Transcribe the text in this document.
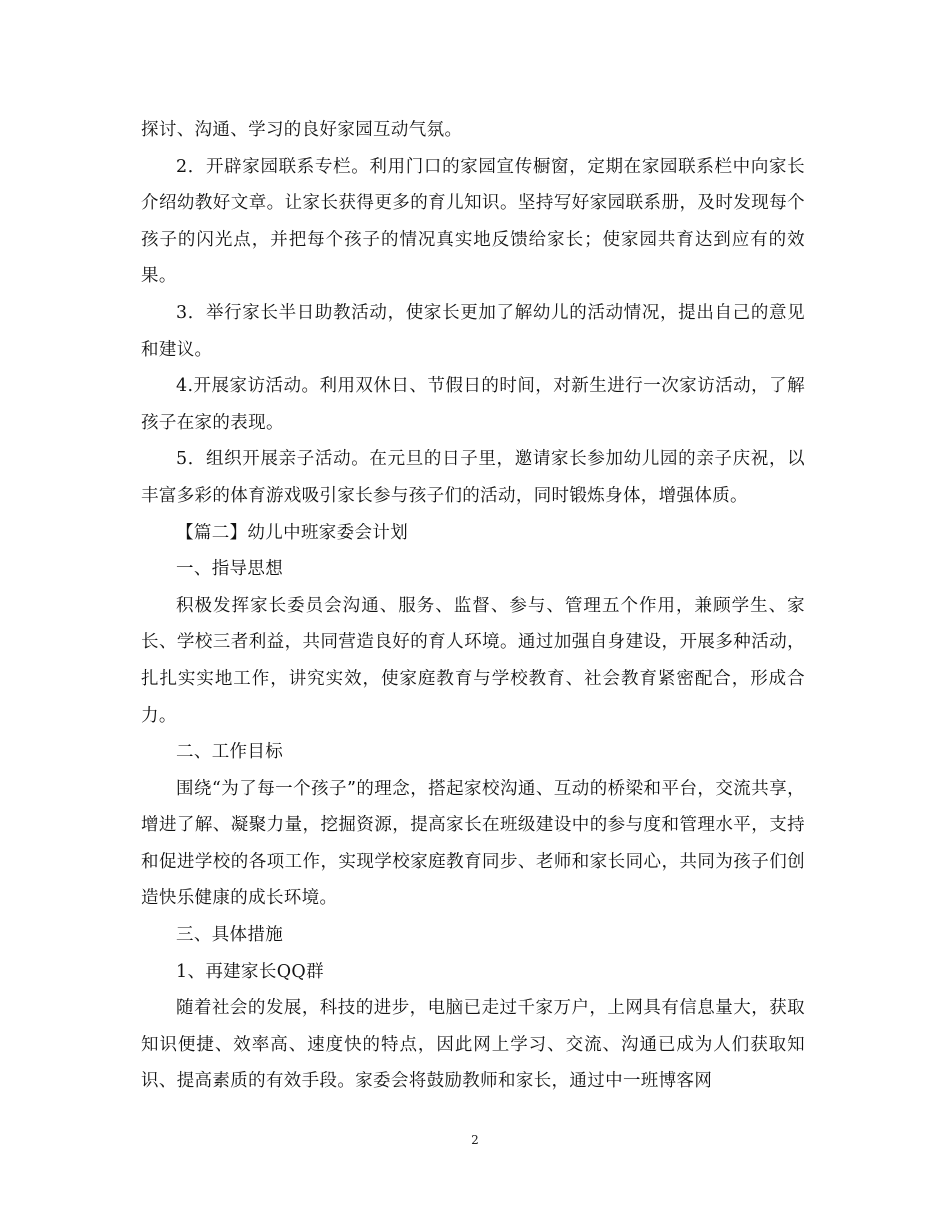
探讨、沟通、学习的良好家园互动气氛。

2．开辟家园联系专栏。利用门口的家园宣传橱窗，定期在家园联系栏中向家长介绍幼教好文章。让家长获得更多的育儿知识。坚持写好家园联系册，及时发现每个孩子的闪光点，并把每个孩子的情况真实地反馈给家长；使家园共育达到应有的效果。

3．举行家长半日助教活动，使家长更加了解幼儿的活动情况，提出自己的意见和建议。

4.开展家访活动。利用双休日、节假日的时间，对新生进行一次家访活动，了解孩子在家的表现。

5．组织开展亲子活动。在元旦的日子里，邀请家长参加幼儿园的亲子庆祝，以丰富多彩的体育游戏吸引家长参与孩子们的活动，同时锻炼身体，增强体质。

【篇二】幼儿中班家委会计划

一、指导思想

积极发挥家长委员会沟通、服务、监督、参与、管理五个作用，兼顾学生、家长、学校三者利益，共同营造良好的育人环境。通过加强自身建设，开展多种活动，扎扎实实地工作，讲究实效，使家庭教育与学校教育、社会教育紧密配合，形成合力。

二、工作目标

围绕“为了每一个孩子”的理念，搭起家校沟通、互动的桥梁和平台，交流共享，增进了解、凝聚力量，挖掘资源，提高家长在班级建设中的参与度和管理水平，支持和促进学校的各项工作，实现学校家庭教育同步、老师和家长同心，共同为孩子们创造快乐健康的成长环境。

三、具体措施

1、再建家长QQ群

随着社会的发展，科技的进步，电脑已走过千家万户，上网具有信息量大，获取知识便捷、效率高、速度快的特点，因此网上学习、交流、沟通已成为人们获取知识、提高素质的有效手段。家委会将鼓励教师和家长，通过中一班博客网

2
